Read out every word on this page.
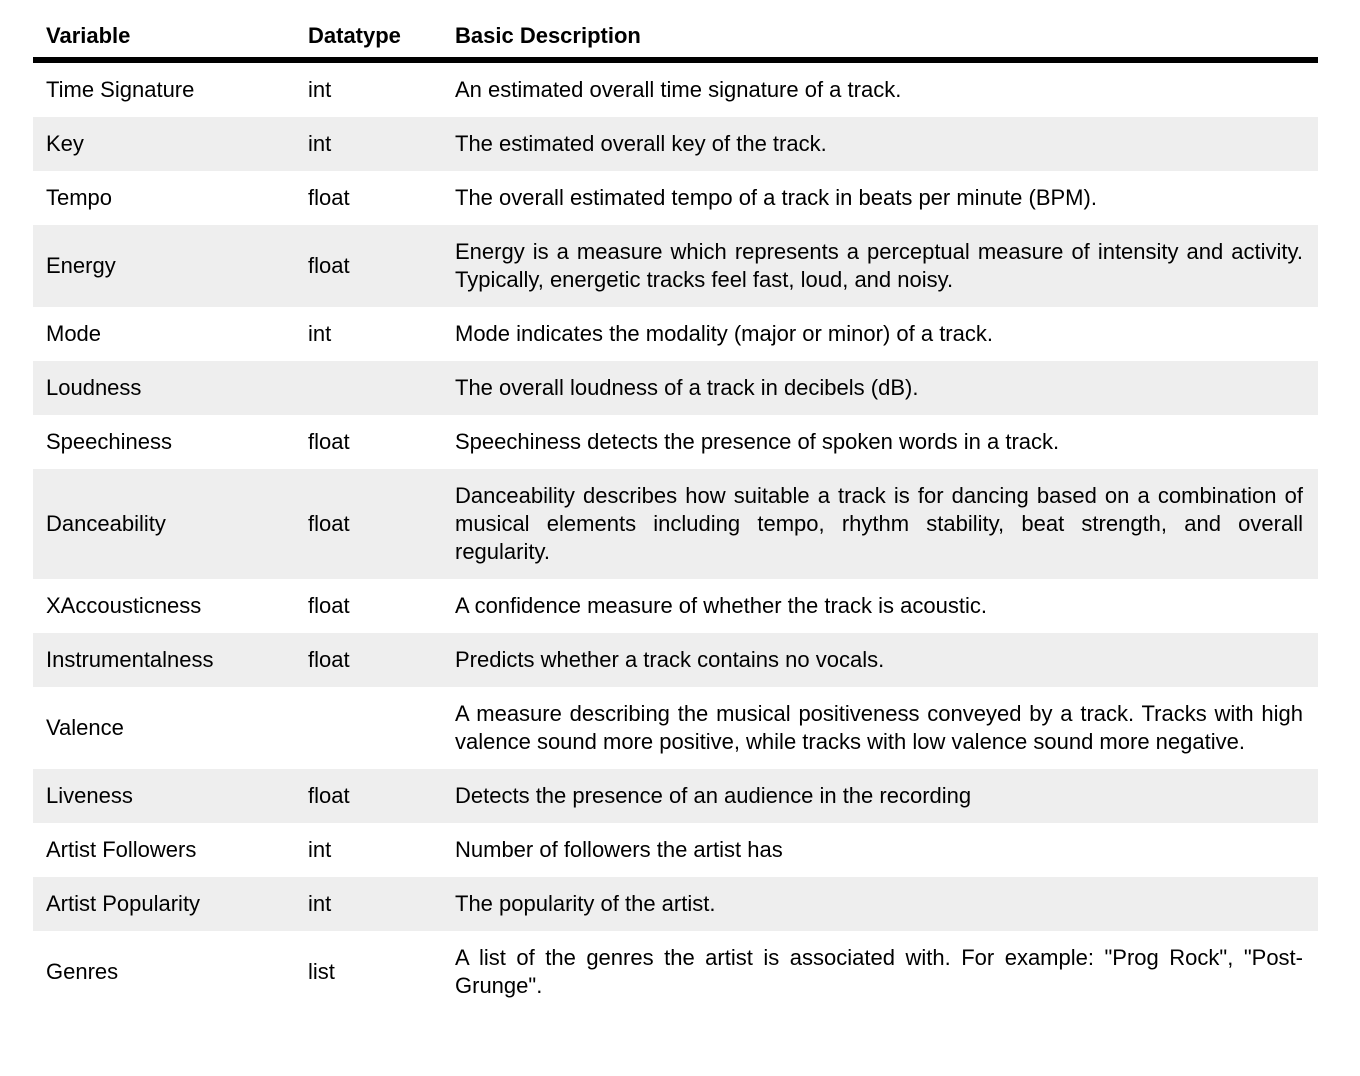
Variable	Datatype	Basic Description
Time Signature	int	An estimated overall time signature of a track.
Key	int	The estimated overall key of the track.
Tempo	float	The overall estimated tempo of a track in beats per minute (BPM).
Energy	float	Energy is a measure which represents a perceptual measure of intensity and activity. Typically, energetic tracks feel fast, loud, and noisy.
Mode	int	Mode indicates the modality (major or minor) of a track.
Loudness		The overall loudness of a track in decibels (dB).
Speechiness	float	Speechiness detects the presence of spoken words in a track.
Danceability	float	Danceability describes how suitable a track is for dancing based on a combination of musical elements including tempo, rhythm stability, beat strength, and overall regularity.
XAccousticness	float	A confidence measure of whether the track is acoustic.
Instrumentalness	float	Predicts whether a track contains no vocals.
Valence		A measure describing the musical positiveness conveyed by a track. Tracks with high valence sound more positive, while tracks with low valence sound more negative.
Liveness	float	Detects the presence of an audience in the recording
Artist Followers	int	Number of followers the artist has
Artist Popularity	int	The popularity of the artist.
Genres	list	A list of the genres the artist is associated with. For example: "Prog Rock", "Post-Grunge".
